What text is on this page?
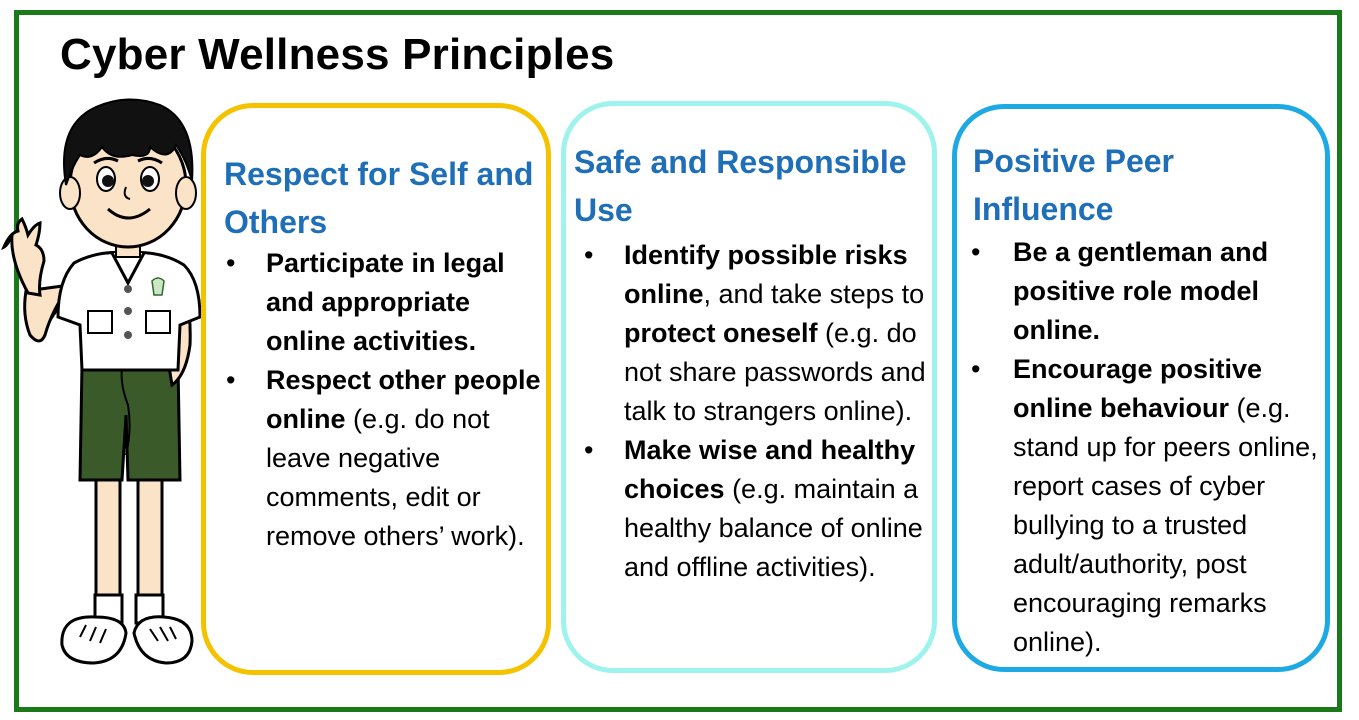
Cyber Wellness Principles
Respect for Self and Others
• Participate in legal and appropriate online activities.
• Respect other people online (e.g. do not leave negative comments, edit or remove others’ work).
Safe and Responsible Use
• Identify possible risks online, and take steps to protect oneself (e.g. do not share passwords and talk to strangers online).
• Make wise and healthy choices (e.g. maintain a healthy balance of online and offline activities).
Positive Peer Influence
• Be a gentleman and positive role model online.
• Encourage positive online behaviour (e.g. stand up for peers online, report cases of cyber bullying to a trusted adult/authority, post encouraging remarks online).
